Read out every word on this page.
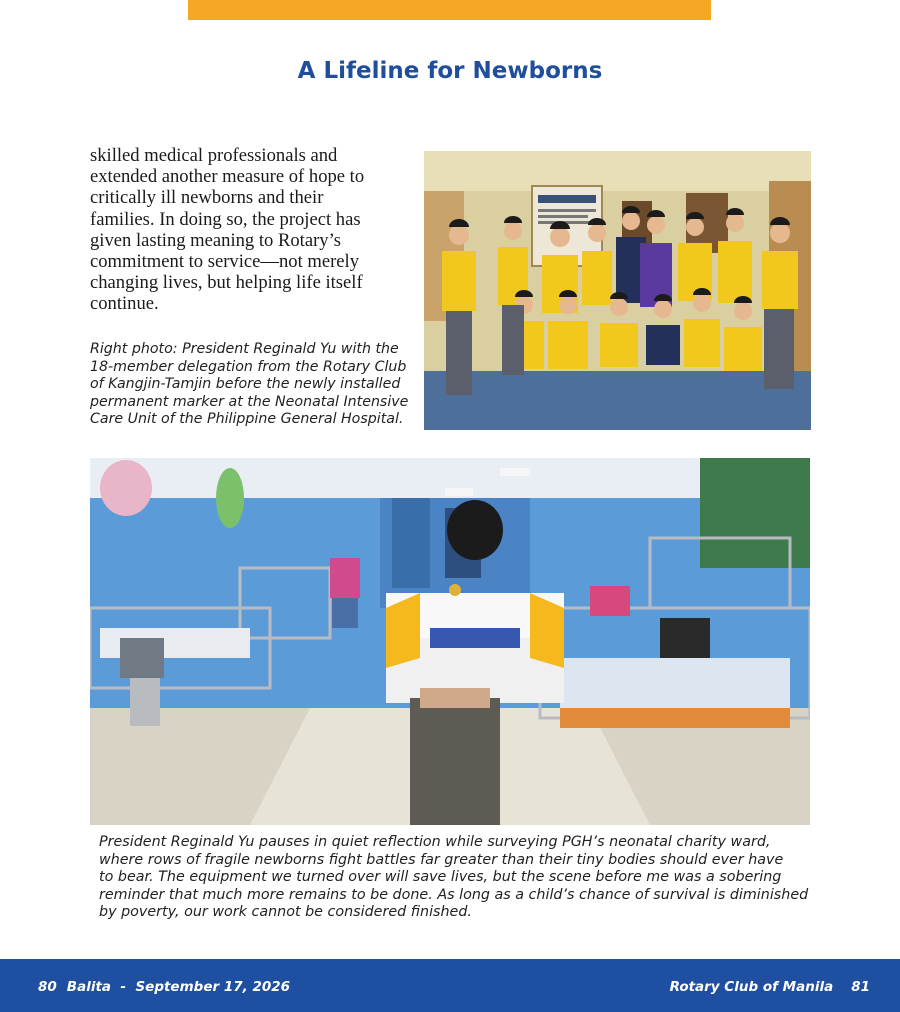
A Lifeline for Newborns
skilled medical professionals and
extended another measure of hope to
critically ill newborns and their
families. In doing so, the project has
given lasting meaning to Rotary’s
commitment to service—not merely
changing lives, but helping life itself
continue.
Right photo: President Reginald Yu with the
18-member delegation from the Rotary Club
of Kangjin-Tamjin before the newly installed
permanent marker at the Neonatal Intensive
Care Unit of the Philippine General Hospital.
President Reginald Yu pauses in quiet reflection while surveying PGH’s neonatal charity ward,
where rows of fragile newborns fight battles far greater than their tiny bodies should ever have
to bear. The equipment we turned over will save lives, but the scene before me was a sobering
reminder that much more remains to be done. As long as a child’s chance of survival is diminished
by poverty, our work cannot be considered finished.
80 Balita - September 17, 2026	Rotary Club of Manila 81
